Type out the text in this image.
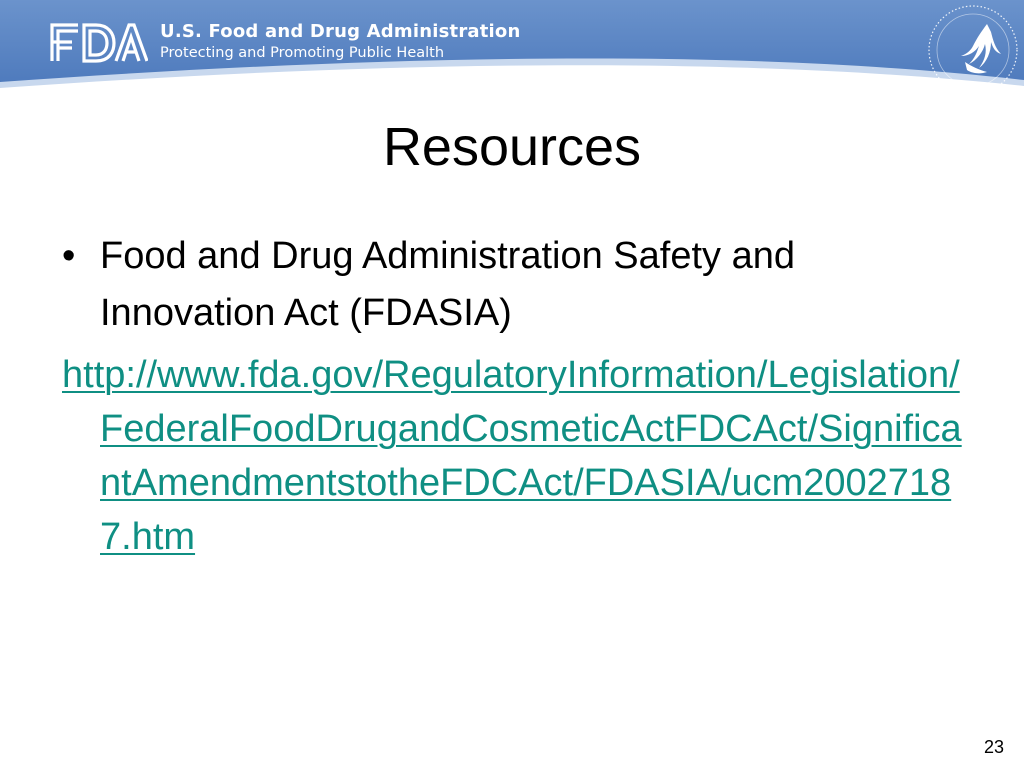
U.S. Food and Drug Administration
Protecting and Promoting Public Health
Resources
• Food and Drug Administration Safety and Innovation Act (FDASIA)
http://www.fda.gov/RegulatoryInformation/Legislation/FederalFoodDrugandCosmeticActFDCAct/SignificantAmendmentstotheFDCAct/FDASIA/ucm20027187.htm
23
